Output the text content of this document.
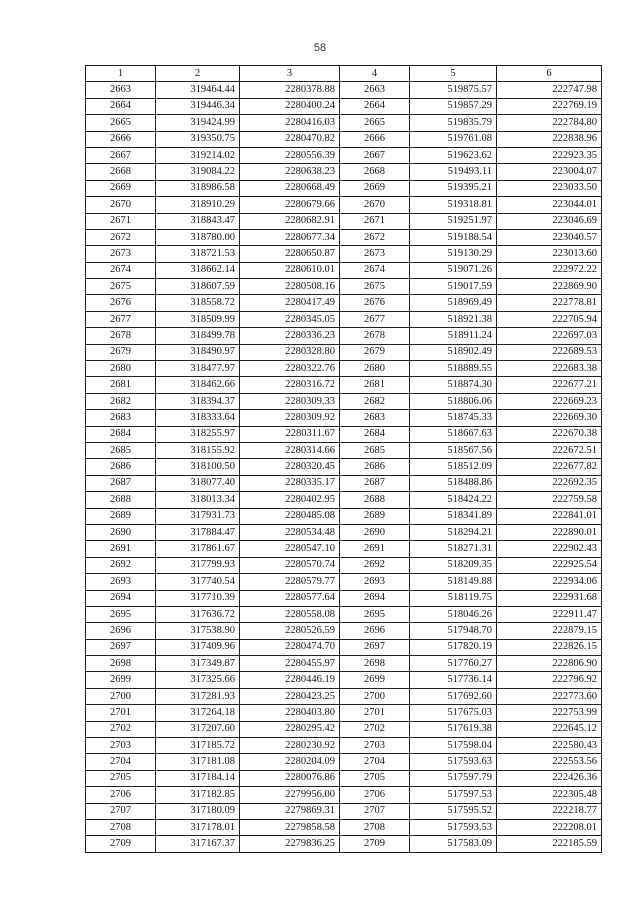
58
1	2	3	4	5	6
2663	319464.44	2280378.88	2663	519875.57	222747.98
2664	319446.34	2280400.24	2664	519857.29	222769.19
2665	319424.99	2280416.03	2665	519835.79	222784.80
2666	319350.75	2280470.82	2666	519761.08	222838.96
2667	319214.02	2280556.39	2667	519623.62	222923.35
2668	319084.22	2280638.23	2668	519493.11	223004.07
2669	318986.58	2280668.49	2669	519395.21	223033.50
2670	318910.29	2280679.66	2670	519318.81	223044.01
2671	318843.47	2280682.91	2671	519251.97	223046.69
2672	318780.00	2280677.34	2672	519188.54	223040.57
2673	318721.53	2280650.87	2673	519130.29	223013.60
2674	318662.14	2280610.01	2674	519071.26	222972.22
2675	318607.59	2280508.16	2675	519017.59	222869.90
2676	318558.72	2280417.49	2676	518969.49	222778.81
2677	318509.99	2280345.05	2677	518921.38	222705.94
2678	318499.78	2280336.23	2678	518911.24	222697.03
2679	318490.97	2280328.80	2679	518902.49	222689.53
2680	318477.97	2280322.76	2680	518889.55	222683.38
2681	318462.66	2280316.72	2681	518874.30	222677.21
2682	318394.37	2280309.33	2682	518806.06	222669.23
2683	318333.64	2280309.92	2683	518745.33	222669.30
2684	318255.97	2280311.67	2684	518667.63	222670.38
2685	318155.92	2280314.66	2685	518567.56	222672.51
2686	318100.50	2280320.45	2686	518512.09	222677.82
2687	318077.40	2280335.17	2687	518488.86	222692.35
2688	318013.34	2280402.95	2688	518424.22	222759.58
2689	317931.73	2280485.08	2689	518341.89	222841.01
2690	317884.47	2280534.48	2690	518294.21	222890.01
2691	317861.67	2280547.10	2691	518271.31	222902.43
2692	317799.93	2280570.74	2692	518209.35	222925.54
2693	317740.54	2280579.77	2693	518149.88	222934.06
2694	317710.39	2280577.64	2694	518119.75	222931.68
2695	317636.72	2280558.08	2695	518046.26	222911.47
2696	317538.90	2280526.59	2696	517948.70	222879.15
2697	317409.96	2280474.70	2697	517820.19	222826.15
2698	317349.87	2280455.97	2698	517760.27	222806.90
2699	317325.66	2280446.19	2699	517736.14	222796.92
2700	317281.93	2280423.25	2700	517692.60	222773.60
2701	317264.18	2280403.80	2701	517675.03	222753.99
2702	317207.60	2280295.42	2702	517619.38	222645.12
2703	317185.72	2280230.92	2703	517598.04	222580.43
2704	317181.08	2280204.09	2704	517593.63	222553.56
2705	317184.14	2280076.86	2705	517597.79	222426.36
2706	317182.85	2279956.00	2706	517597.53	222305.48
2707	317180.09	2279869.31	2707	517595.52	222218.77
2708	317178.01	2279858.58	2708	517593.53	222208.01
2709	317167.37	2279836.25	2709	517583.09	222185.59
